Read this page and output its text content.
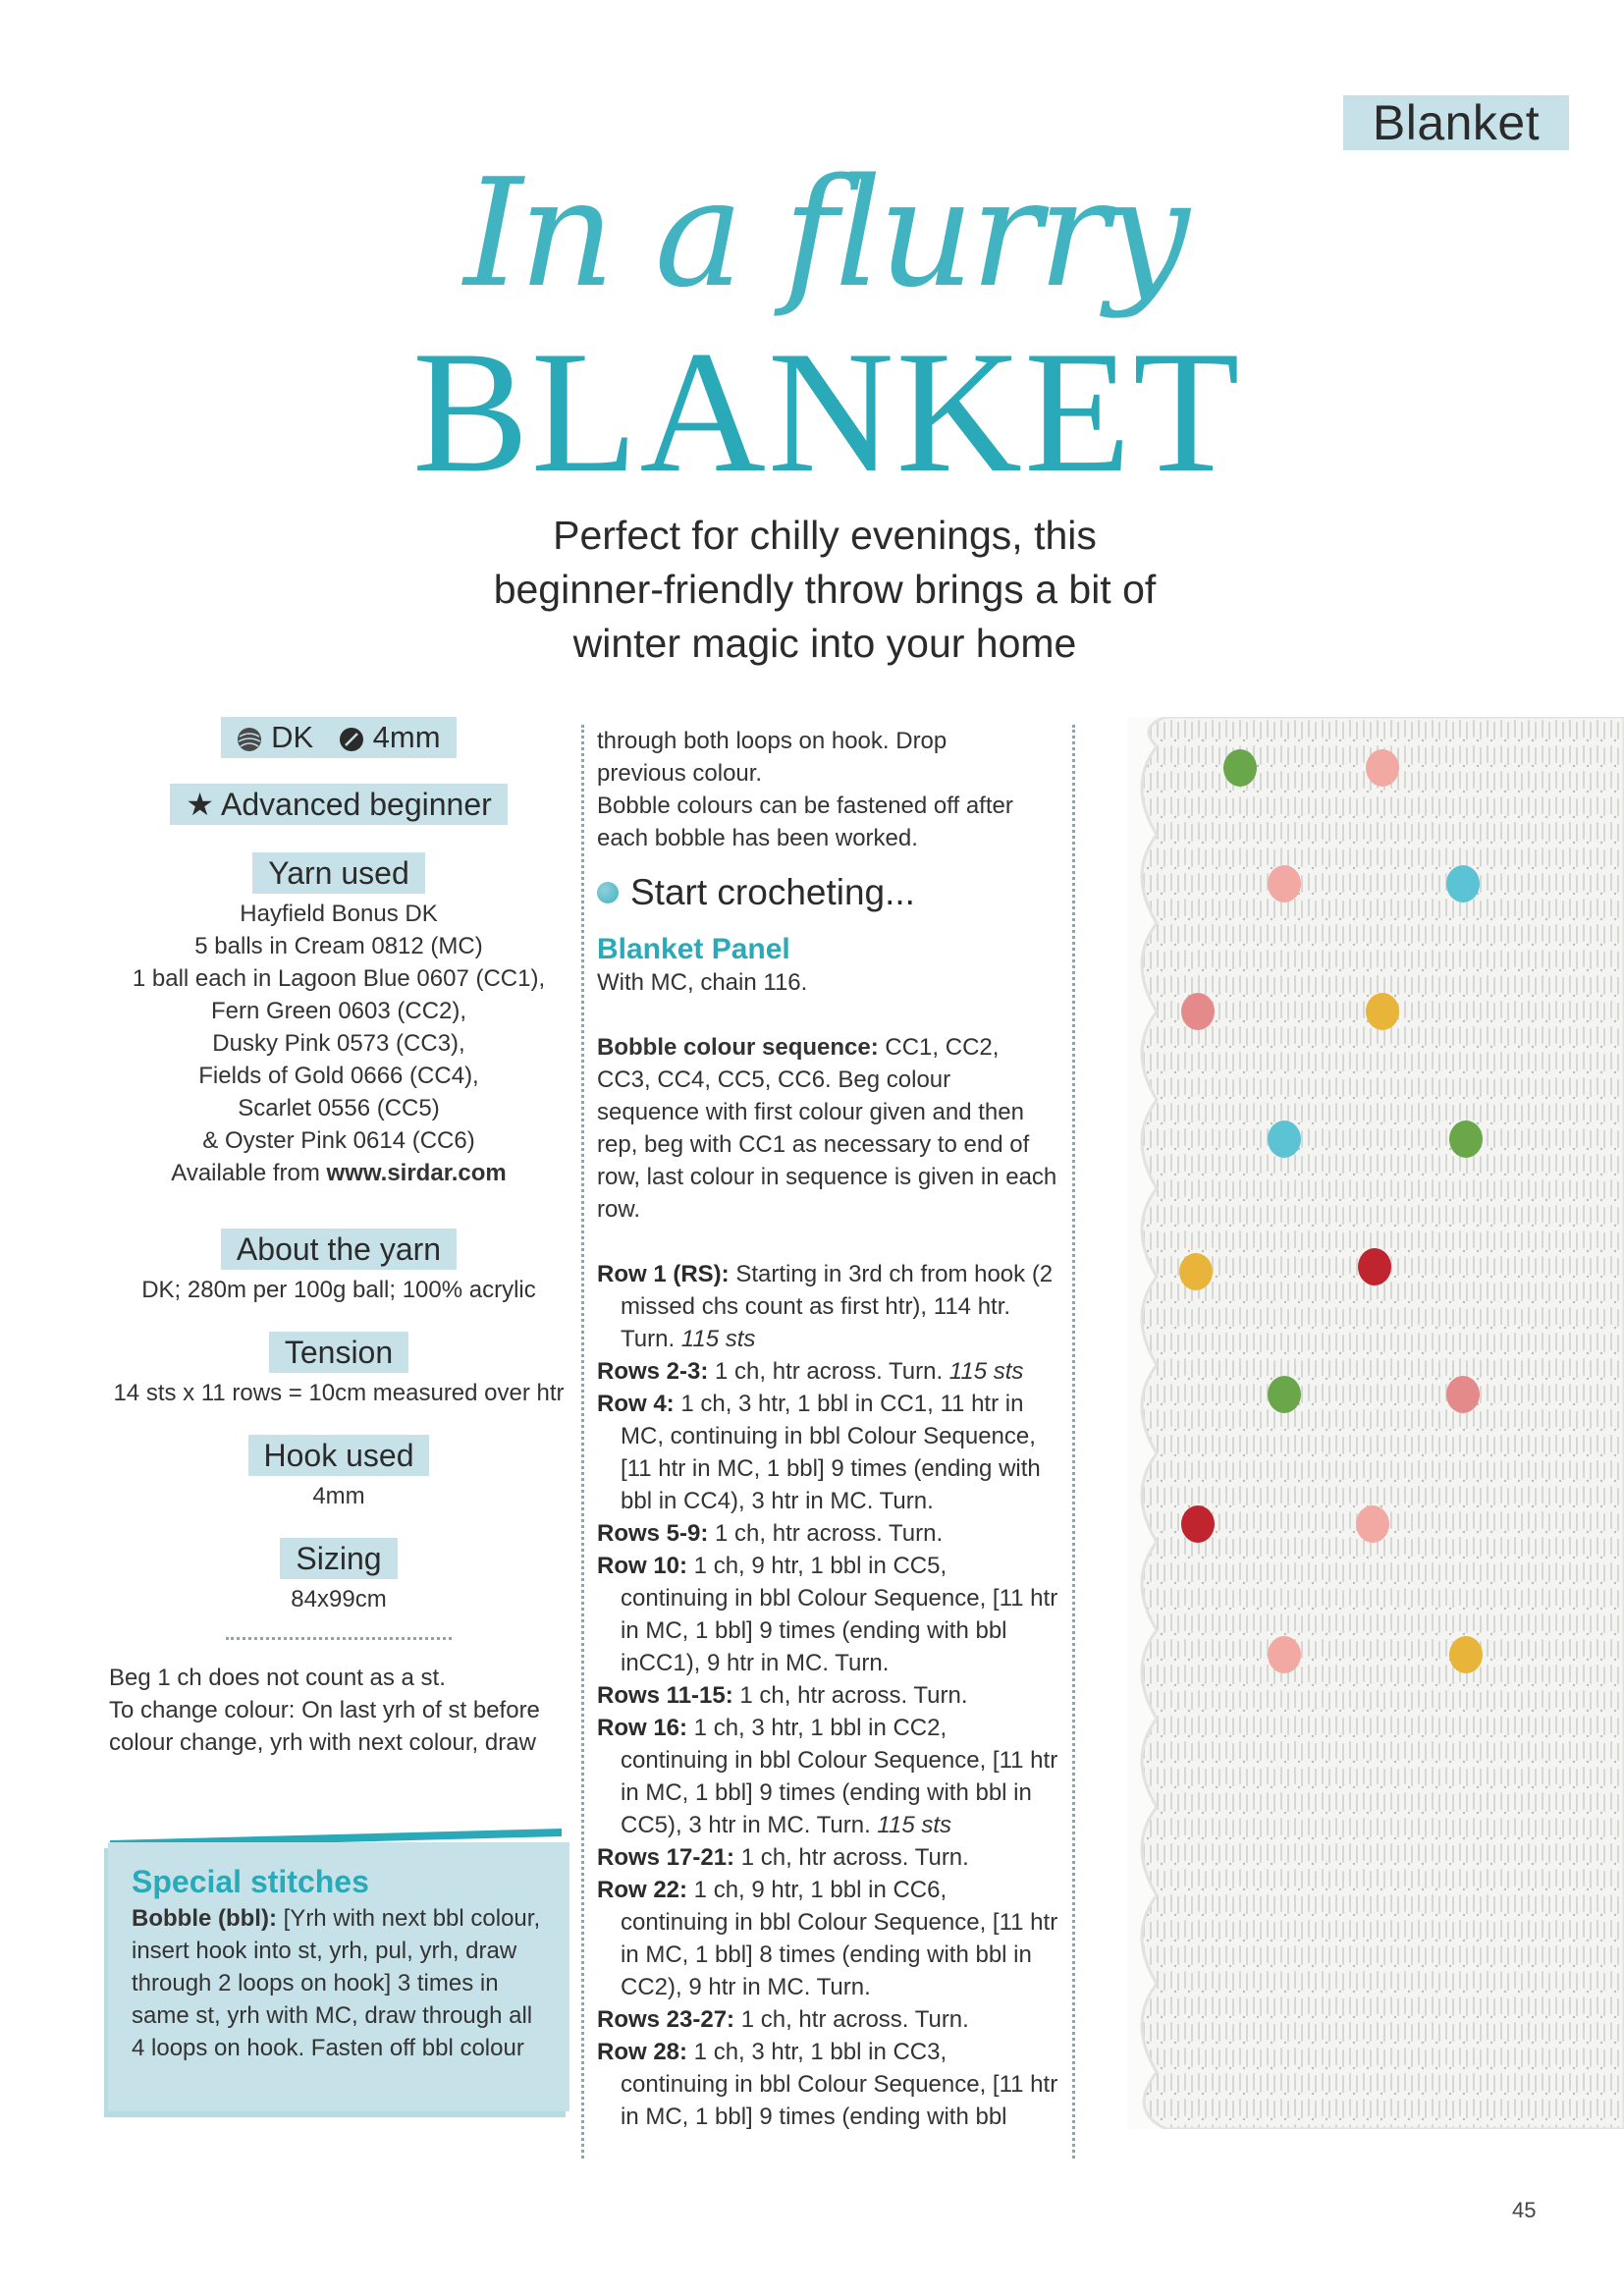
Blanket
In a flurry
BLANKET
Perfect for chilly evenings, this
beginner-friendly throw brings a bit of
winter magic into your home
DK 4mm
★ Advanced beginner
Yarn used
Hayfield Bonus DK
5 balls in Cream 0812 (MC)
1 ball each in Lagoon Blue 0607 (CC1),
Fern Green 0603 (CC2),
Dusky Pink 0573 (CC3),
Fields of Gold 0666 (CC4),
Scarlet 0556 (CC5)
& Oyster Pink 0614 (CC6)
Available from www.sirdar.com
About the yarn
DK; 280m per 100g ball; 100% acrylic
Tension
14 sts x 11 rows = 10cm measured over htr
Hook used
4mm
Sizing
84x99cm
Beg 1 ch does not count as a st.
To change colour: On last yrh of st before
colour change, yrh with next colour, draw
Special stitches

Bobble (bbl): [Yrh with next bbl colour, insert hook into st, yrh, pul, yrh, draw through 2 loops on hook] 3 times in same st, yrh with MC, draw through all 4 loops on hook. Fasten off bbl colour

through both loops on hook. Drop
previous colour.
Bobble colours can be fastened off after
each bobble has been worked.
Start crocheting...
Blanket Panel
With MC, chain 116.
Bobble colour sequence: CC1, CC2, CC3, CC4, CC5, CC6. Beg colour sequence with first colour given and then rep, beg with CC1 as necessary to end of row, last colour in sequence is given in each row.
Row 1 (RS): Starting in 3rd ch from hook (2 missed chs count as first htr), 114 htr. Turn. 115 sts
Rows 2-3: 1 ch, htr across. Turn. 115 sts
Row 4: 1 ch, 3 htr, 1 bbl in CC1, 11 htr in MC, continuing in bbl Colour Sequence, [11 htr in MC, 1 bbl] 9 times (ending with bbl in CC4), 3 htr in MC. Turn.
Rows 5-9: 1 ch, htr across. Turn.
Row 10: 1 ch, 9 htr, 1 bbl in CC5, continuing in bbl Colour Sequence, [11 htr in MC, 1 bbl] 9 times (ending with bbl inCC1), 9 htr in MC. Turn.
Rows 11-15: 1 ch, htr across. Turn.
Row 16: 1 ch, 3 htr, 1 bbl in CC2, continuing in bbl Colour Sequence, [11 htr in MC, 1 bbl] 9 times (ending with bbl in CC5), 3 htr in MC. Turn. 115 sts
Rows 17-21: 1 ch, htr across. Turn.
Row 22: 1 ch, 9 htr, 1 bbl in CC6, continuing in bbl Colour Sequence, [11 htr in MC, 1 bbl] 8 times (ending with bbl in CC2), 9 htr in MC. Turn.
Rows 23-27: 1 ch, htr across. Turn.
Row 28: 1 ch, 3 htr, 1 bbl in CC3, continuing in bbl Colour Sequence, [11 htr in MC, 1 bbl] 9 times (ending with bbl
45
